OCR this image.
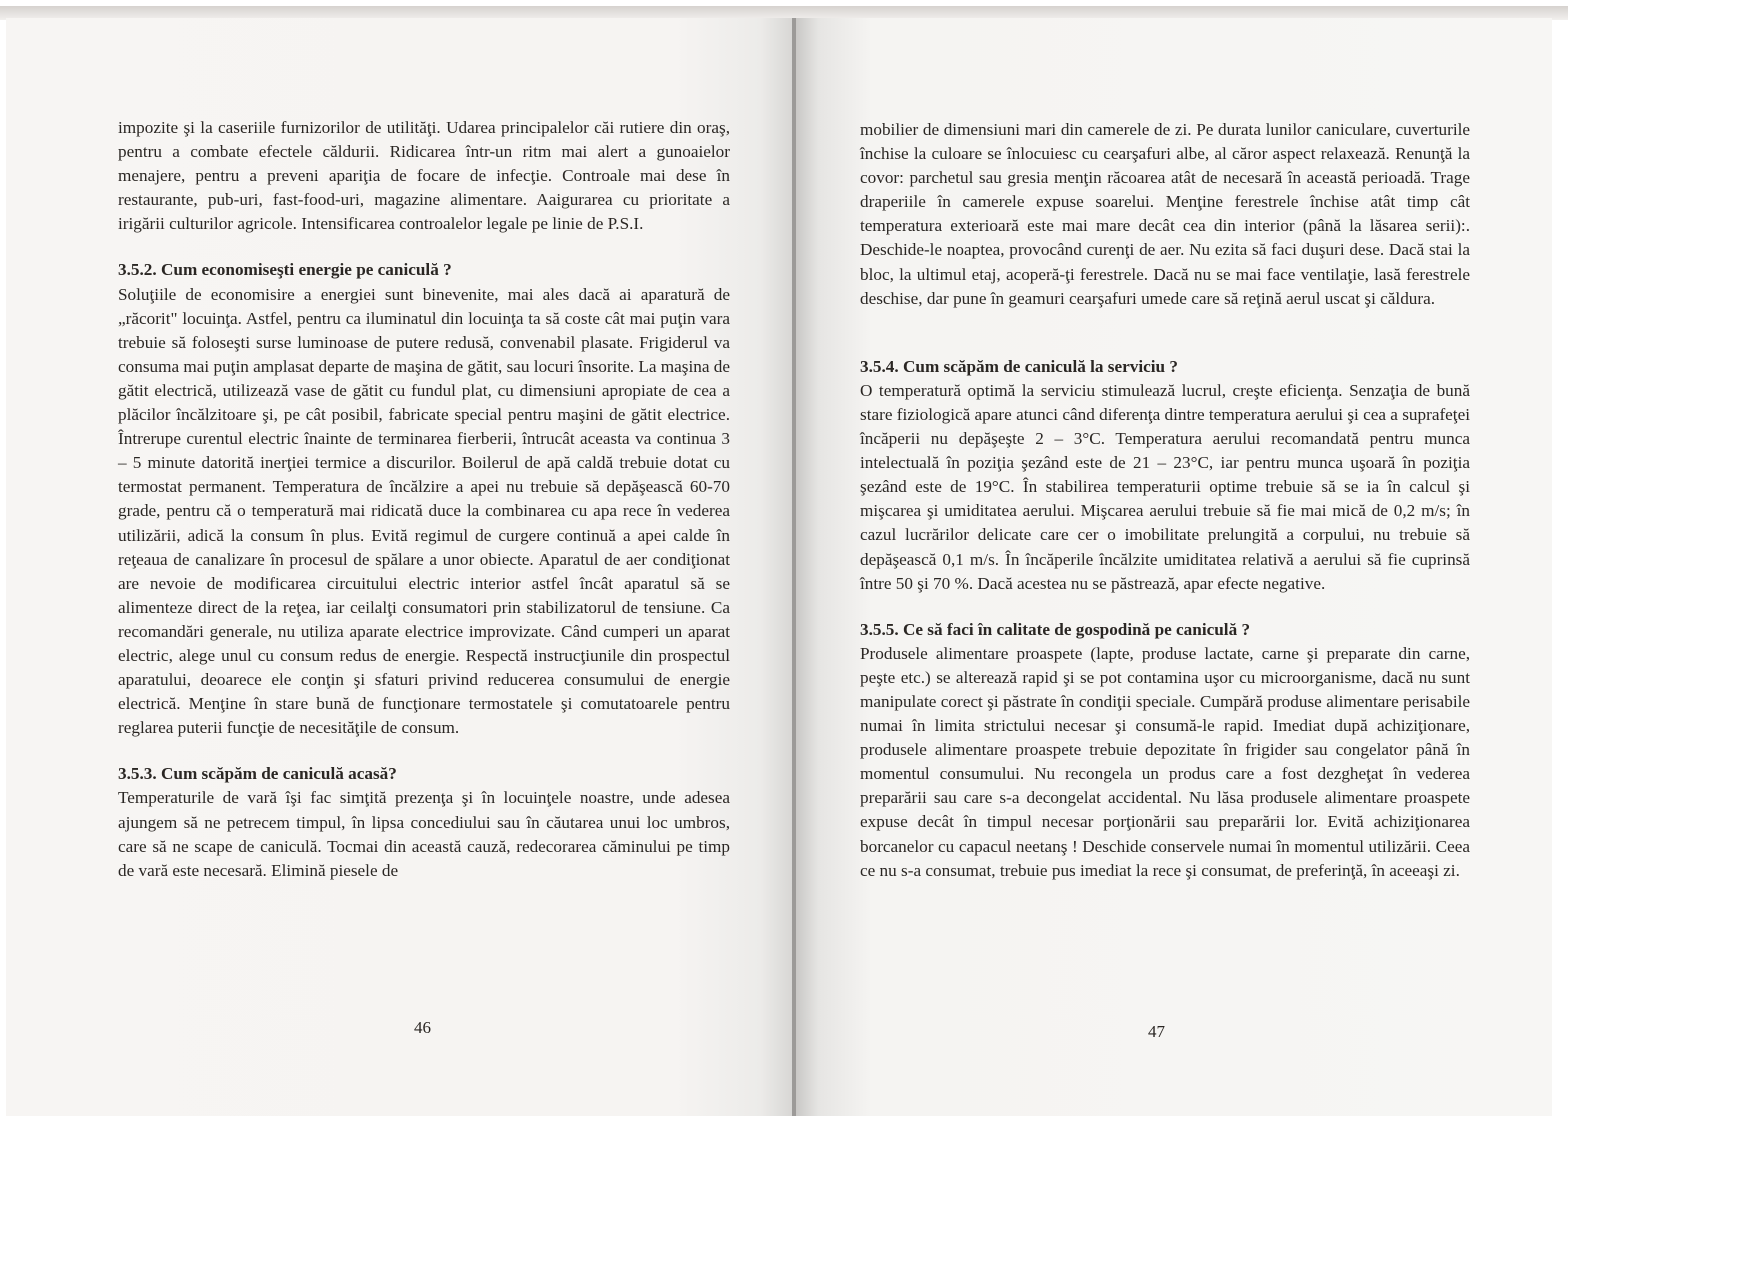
impozite şi la caseriile furnizorilor de utilităţi. Udarea principalelor căi rutiere din oraş, pentru a combate efectele căldurii. Ridicarea într-un ritm mai alert a gunoaielor menajere, pentru a preveni apariţia de focare de infecţie. Controale mai dese în restaurante, pub-uri, fast-food-uri, magazine alimentare. Aaigurarea cu prioritate a irigării culturilor agricole. Intensificarea controalelor legale pe linie de P.S.I.

3.5.2. Cum economiseşti energie pe caniculă ?

Soluţiile de economisire a energiei sunt binevenite, mai ales dacă ai aparatură de „răcorit" locuinţa. Astfel, pentru ca iluminatul din locuinţa ta să coste cât mai puţin vara trebuie să foloseşti surse luminoase de putere redusă, convenabil plasate. Frigiderul va consuma mai puţin amplasat departe de maşina de gătit, sau locuri însorite. La maşina de gătit electrică, utilizează vase de gătit cu fundul plat, cu dimensiuni apropiate de cea a plăcilor încălzitoare şi, pe cât posibil, fabricate special pentru maşini de gătit electrice. Întrerupe curentul electric înainte de terminarea fierberii, întrucât aceasta va continua 3 – 5 minute datorită inerţiei termice a discurilor. Boilerul de apă caldă trebuie dotat cu termostat permanent. Temperatura de încălzire a apei nu trebuie să depăşească 60-70 grade, pentru că o temperatură mai ridicată duce la combinarea cu apa rece în vederea utilizării, adică la consum în plus. Evită regimul de curgere continuă a apei calde în reţeaua de canalizare în procesul de spălare a unor obiecte. Aparatul de aer condiţionat are nevoie de modificarea circuitului electric interior astfel încât aparatul să se alimenteze direct de la reţea, iar ceilalţi consumatori prin stabilizatorul de tensiune. Ca recomandări generale, nu utiliza aparate electrice improvizate. Când cumperi un aparat electric, alege unul cu consum redus de energie. Respectă instrucţiunile din prospectul aparatului, deoarece ele conţin şi sfaturi privind reducerea consumului de energie electrică. Menţine în stare bună de funcţionare termostatele şi comutatoarele pentru reglarea puterii funcţie de necesităţile de consum.

3.5.3. Cum scăpăm de caniculă acasă?

Temperaturile de vară îşi fac simţită prezenţa şi în locuinţele noastre, unde adesea ajungem să ne petrecem timpul, în lipsa concediului sau în căutarea unui loc umbros, care să ne scape de caniculă. Tocmai din această cauză, redecorarea căminului pe timp de vară este necesară. Elimină piesele de

46

mobilier de dimensiuni mari din camerele de zi. Pe durata lunilor caniculare, cuverturile închise la culoare se înlocuiesc cu cearşafuri albe, al căror aspect relaxează. Renunţă la covor: parchetul sau gresia menţin răcoarea atât de necesară în această perioadă. Trage draperiile în camerele expuse soarelui. Menţine ferestrele închise atât timp cât temperatura exterioară este mai mare decât cea din interior (până la lăsarea serii):. Deschide-le noaptea, provocând curenţi de aer. Nu ezita să faci duşuri dese. Dacă stai la bloc, la ultimul etaj, acoperă-ţi ferestrele. Dacă nu se mai face ventilaţie, lasă ferestrele deschise, dar pune în geamuri cearşafuri umede care să reţină aerul uscat şi căldura.

3.5.4. Cum scăpăm de caniculă la serviciu ?

O temperatură optimă la serviciu stimulează lucrul, creşte eficienţa. Senzaţia de bună stare fiziologică apare atunci când diferenţa dintre temperatura aerului şi cea a suprafeţei încăperii nu depăşeşte 2 – 3°C. Temperatura aerului recomandată pentru munca intelectuală în poziţia şezând este de 21 – 23°C, iar pentru munca uşoară în poziţia şezând este de 19°C. În stabilirea temperaturii optime trebuie să se ia în calcul şi mişcarea şi umiditatea aerului. Mişcarea aerului trebuie să fie mai mică de 0,2 m/s; în cazul lucrărilor delicate care cer o imobilitate prelungită a corpului, nu trebuie să depăşească 0,1 m/s. În încăperile încălzite umiditatea relativă a aerului să fie cuprinsă între 50 şi 70 %. Dacă acestea nu se păstrează, apar efecte negative.

3.5.5. Ce să faci în calitate de gospodină pe caniculă ?

Produsele alimentare proaspete (lapte, produse lactate, carne şi preparate din carne, peşte etc.) se alterează rapid şi se pot contamina uşor cu microorganisme, dacă nu sunt manipulate corect şi păstrate în condiţii speciale. Cumpără produse alimentare perisabile numai în limita strictului necesar şi consumă-le rapid. Imediat după achiziţionare, produsele alimentare proaspete trebuie depozitate în frigider sau congelator până în momentul consumului. Nu recongela un produs care a fost dezgheţat în vederea preparării sau care s-a decongelat accidental. Nu lăsa produsele alimentare proaspete expuse decât în timpul necesar porţionării sau preparării lor. Evită achiziţionarea borcanelor cu capacul neetanş ! Deschide conservele numai în momentul utilizării. Ceea ce nu s-a consumat, trebuie pus imediat la rece şi consumat, de preferinţă, în aceeaşi zi.

47
